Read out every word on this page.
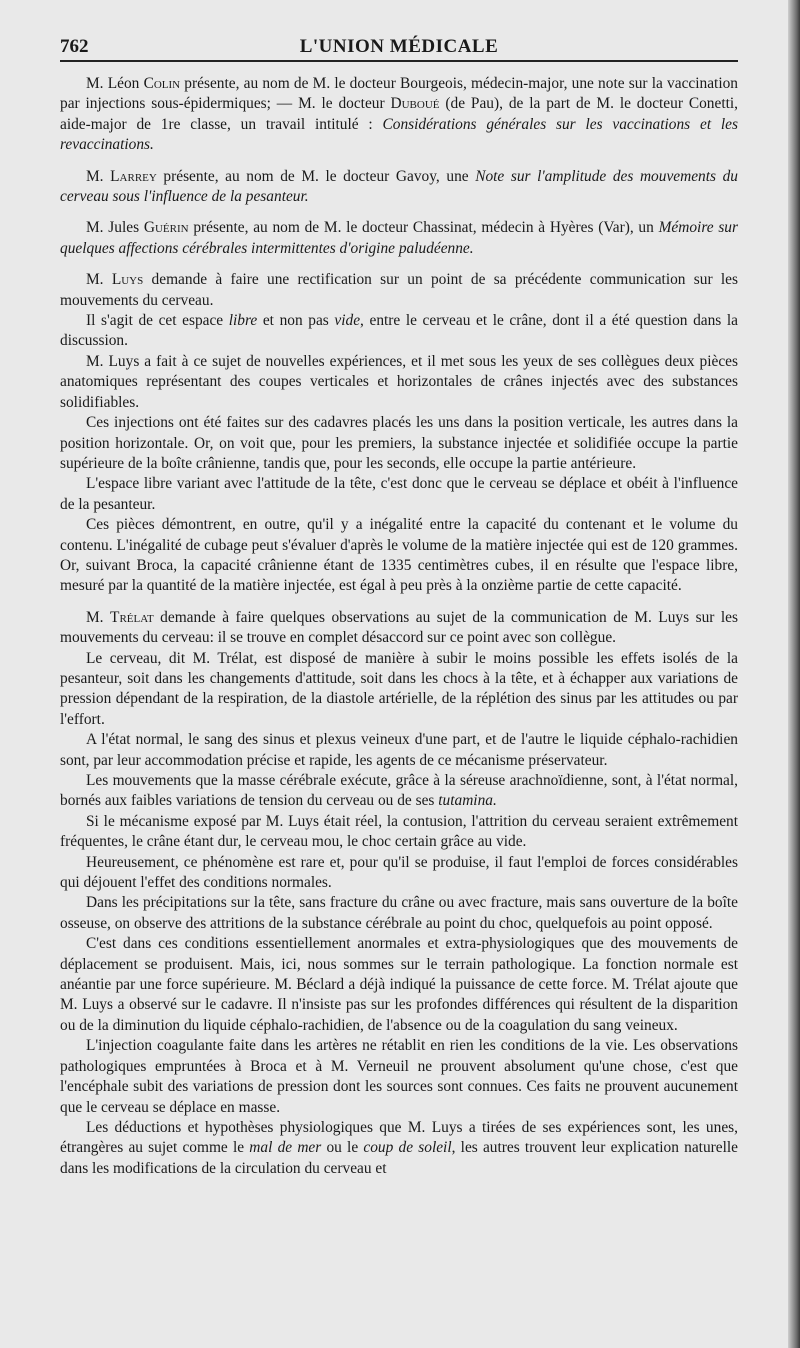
762	L'UNION MÉDICALE

M. Léon Colin présente, au nom de M. le docteur Bourgeois, médecin-major, une note sur la vaccination par injections sous-épidermiques; — M. le docteur Duboué (de Pau), de la part de M. le docteur Conetti, aide-major de 1re classe, un travail intitulé : Considérations générales sur les vaccinations et les revaccinations.

M. Larrey présente, au nom de M. le docteur Gavoy, une Note sur l'amplitude des mouvements du cerveau sous l'influence de la pesanteur.

M. Jules Guérin présente, au nom de M. le docteur Chassinat, médecin à Hyères (Var), un Mémoire sur quelques affections cérébrales intermittentes d'origine paludéenne.

M. Luys demande à faire une rectification sur un point de sa précédente communication sur les mouvements du cerveau.

Il s'agit de cet espace libre et non pas vide, entre le cerveau et le crâne, dont il a été question dans la discussion.

M. Luys a fait à ce sujet de nouvelles expériences, et il met sous les yeux de ses collègues deux pièces anatomiques représentant des coupes verticales et horizontales de crânes injectés avec des substances solidifiables.

Ces injections ont été faites sur des cadavres placés les uns dans la position verticale, les autres dans la position horizontale. Or, on voit que, pour les premiers, la substance injectée et solidifiée occupe la partie supérieure de la boîte crânienne, tandis que, pour les seconds, elle occupe la partie antérieure.

L'espace libre variant avec l'attitude de la tête, c'est donc que le cerveau se déplace et obéit à l'influence de la pesanteur.

Ces pièces démontrent, en outre, qu'il y a inégalité entre la capacité du contenant et le volume du contenu. L'inégalité de cubage peut s'évaluer d'après le volume de la matière injectée qui est de 120 grammes. Or, suivant Broca, la capacité crânienne étant de 1335 centimètres cubes, il en résulte que l'espace libre, mesuré par la quantité de la matière injectée, est égal à peu près à la onzième partie de cette capacité.

M. Trélat demande à faire quelques observations au sujet de la communication de M. Luys sur les mouvements du cerveau: il se trouve en complet désaccord sur ce point avec son collègue.

Le cerveau, dit M. Trélat, est disposé de manière à subir le moins possible les effets isolés de la pesanteur, soit dans les changements d'attitude, soit dans les chocs à la tête, et à échapper aux variations de pression dépendant de la respiration, de la diastole artérielle, de la réplétion des sinus par les attitudes ou par l'effort.

A l'état normal, le sang des sinus et plexus veineux d'une part, et de l'autre le liquide céphalo-rachidien sont, par leur accommodation précise et rapide, les agents de ce mécanisme préservateur.

Les mouvements que la masse cérébrale exécute, grâce à la séreuse arachnoïdienne, sont, à l'état normal, bornés aux faibles variations de tension du cerveau ou de ses tutamina.

Si le mécanisme exposé par M. Luys était réel, la contusion, l'attrition du cerveau seraient extrêmement fréquentes, le crâne étant dur, le cerveau mou, le choc certain grâce au vide.

Heureusement, ce phénomène est rare et, pour qu'il se produise, il faut l'emploi de forces considérables qui déjouent l'effet des conditions normales.

Dans les précipitations sur la tête, sans fracture du crâne ou avec fracture, mais sans ouverture de la boîte osseuse, on observe des attritions de la substance cérébrale au point du choc, quelquefois au point opposé.

C'est dans ces conditions essentiellement anormales et extra-physiologiques que des mouvements de déplacement se produisent. Mais, ici, nous sommes sur le terrain pathologique. La fonction normale est anéantie par une force supérieure. M. Béclard a déjà indiqué la puissance de cette force. M. Trélat ajoute que M. Luys a observé sur le cadavre. Il n'insiste pas sur les profondes différences qui résultent de la disparition ou de la diminution du liquide céphalo-rachidien, de l'absence ou de la coagulation du sang veineux.

L'injection coagulante faite dans les artères ne rétablit en rien les conditions de la vie. Les observations pathologiques empruntées à Broca et à M. Verneuil ne prouvent absolument qu'une chose, c'est que l'encéphale subit des variations de pression dont les sources sont connues. Ces faits ne prouvent aucunement que le cerveau se déplace en masse.

Les déductions et hypothèses physiologiques que M. Luys a tirées de ses expériences sont, les unes, étrangères au sujet comme le mal de mer ou le coup de soleil, les autres trouvent leur explication naturelle dans les modifications de la circulation du cerveau et
